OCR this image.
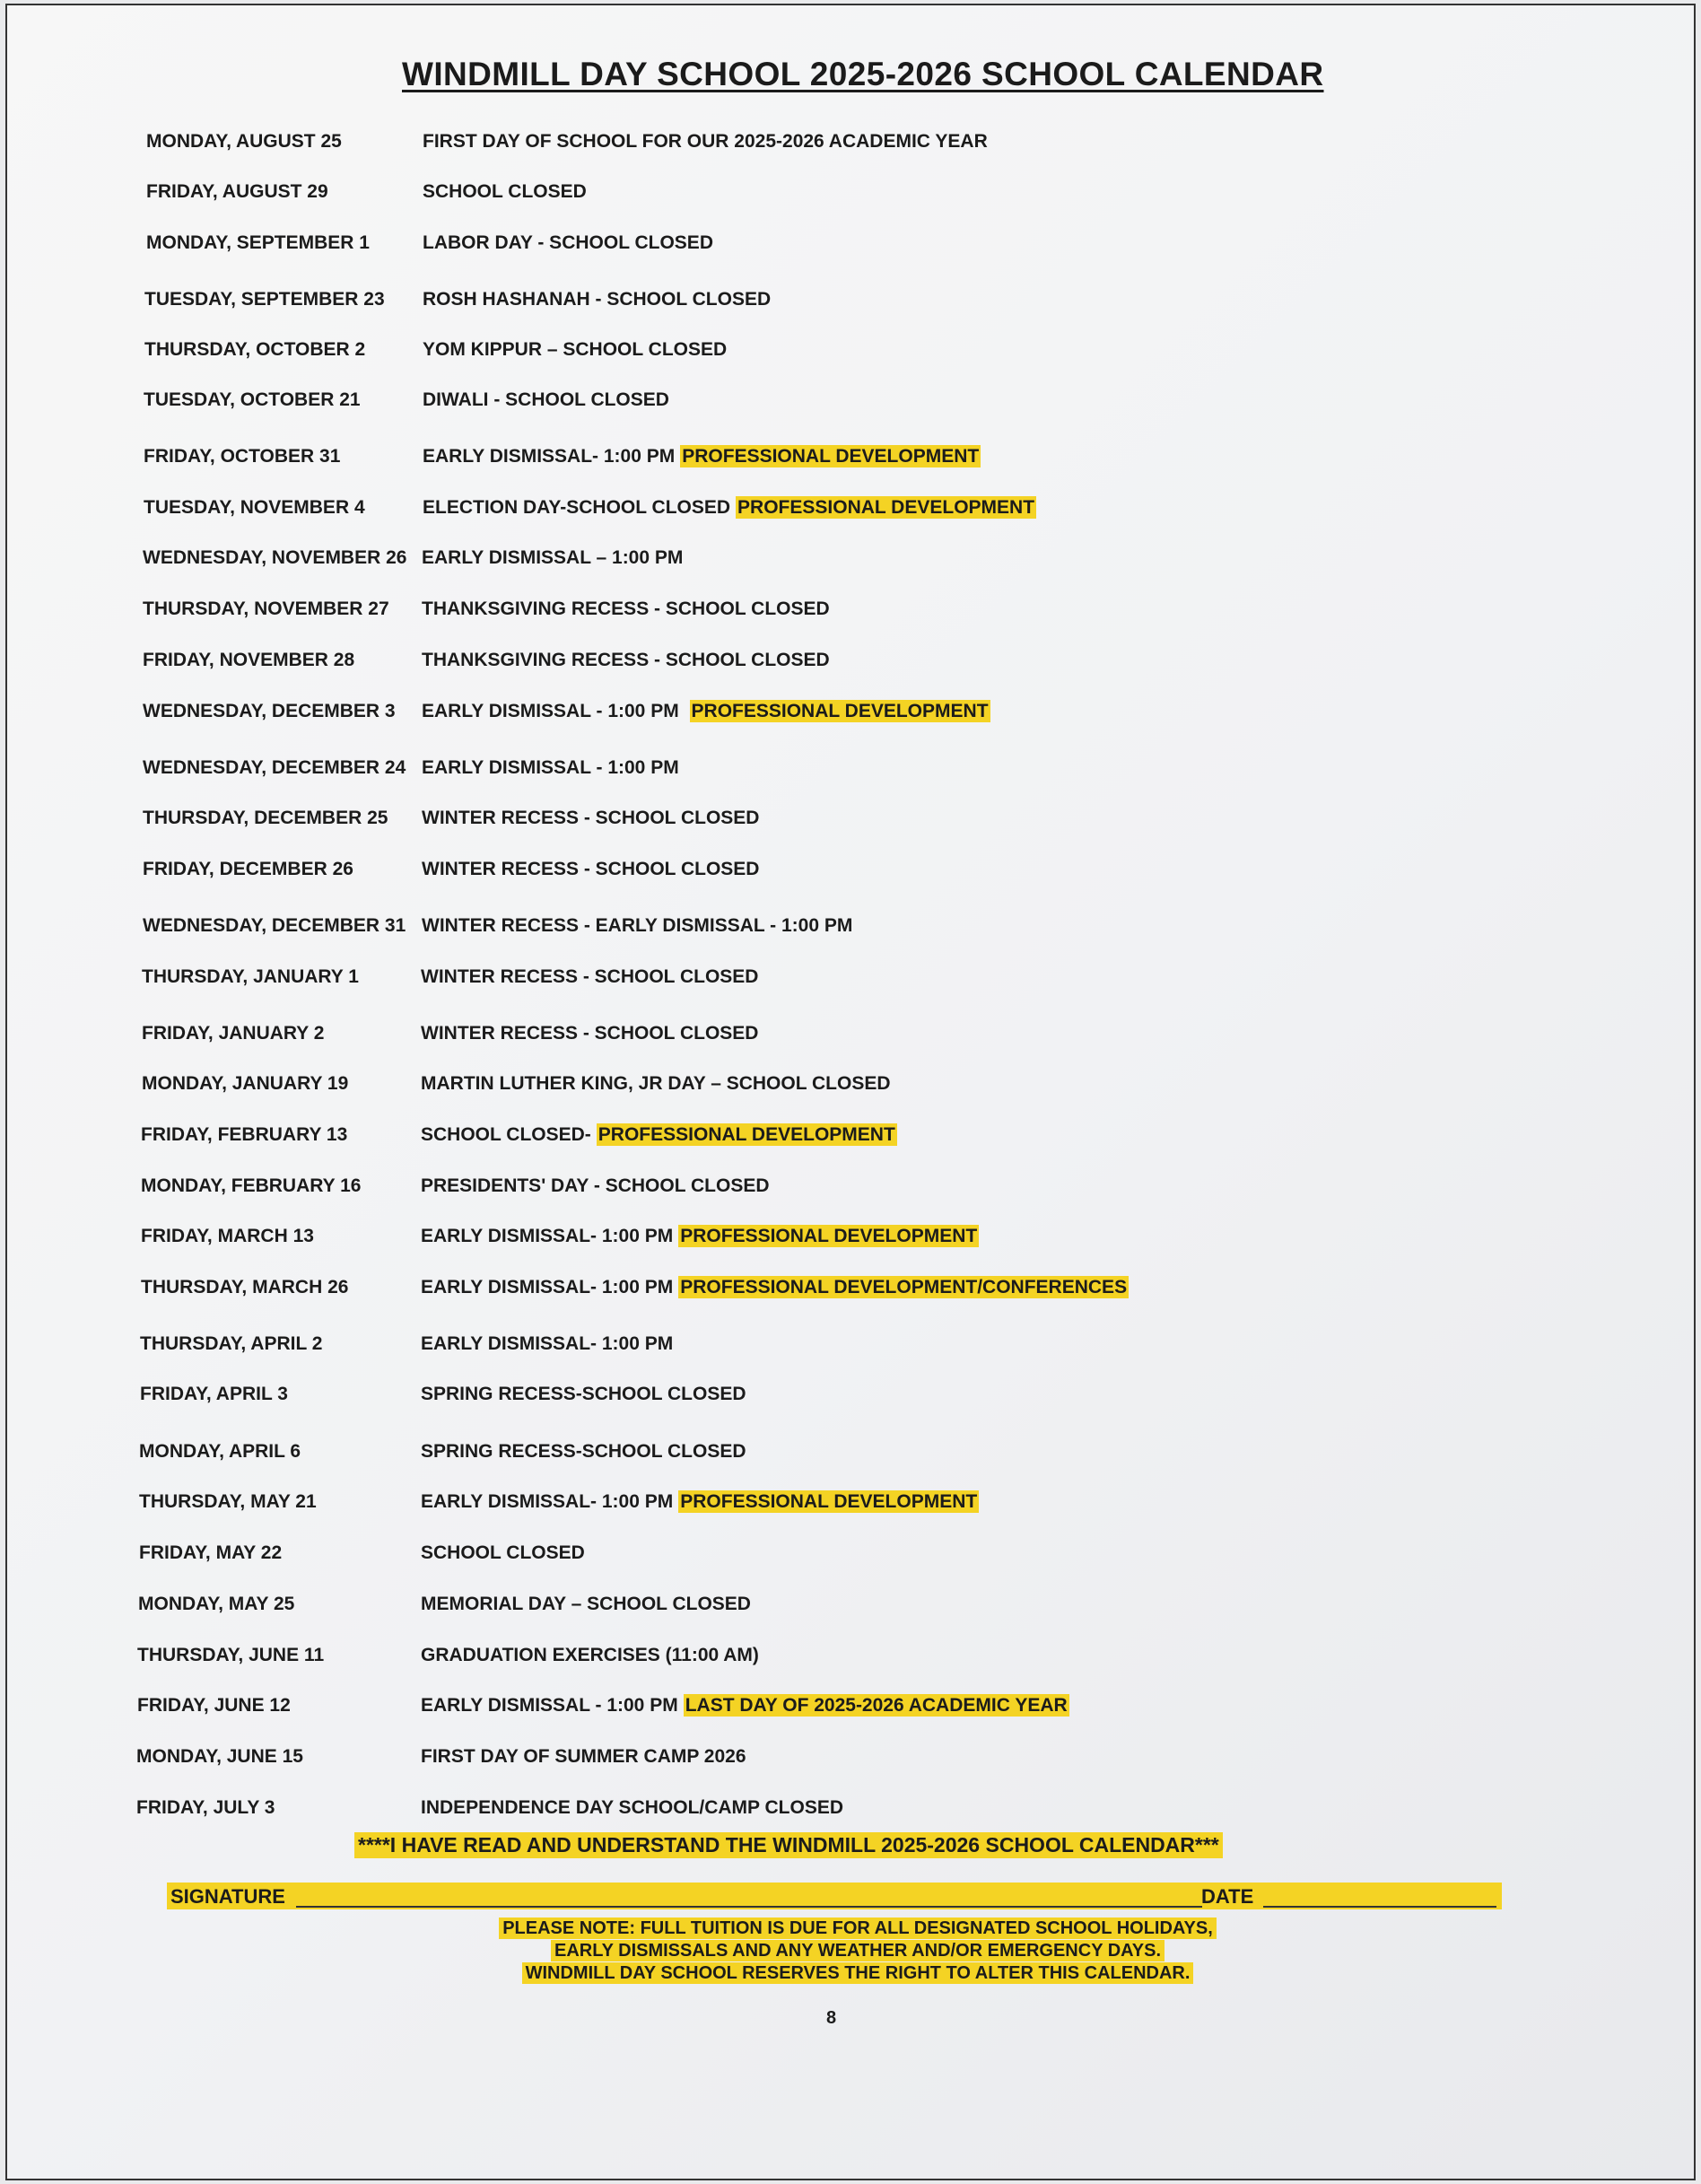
WINDMILL DAY SCHOOL 2025-2026 SCHOOL CALENDAR
MONDAY, AUGUST 25	FIRST DAY OF SCHOOL FOR OUR 2025-2026 ACADEMIC YEAR
FRIDAY, AUGUST 29	SCHOOL CLOSED
MONDAY, SEPTEMBER 1	LABOR DAY - SCHOOL CLOSED
TUESDAY, SEPTEMBER 23 ROSH HASHANAH - SCHOOL CLOSED
THURSDAY, OCTOBER 2	YOM KIPPUR – SCHOOL CLOSED
TUESDAY, OCTOBER 21	DIWALI - SCHOOL CLOSED
FRIDAY, OCTOBER 31	EARLY DISMISSAL- 1:00 PM PROFESSIONAL DEVELOPMENT
TUESDAY, NOVEMBER 4	ELECTION DAY-SCHOOL CLOSED PROFESSIONAL DEVELOPMENT
WEDNESDAY, NOVEMBER 26 EARLY DISMISSAL – 1:00 PM
THURSDAY, NOVEMBER 27 THANKSGIVING RECESS - SCHOOL CLOSED
FRIDAY, NOVEMBER 28	THANKSGIVING RECESS - SCHOOL CLOSED
WEDNESDAY, DECEMBER 3 EARLY DISMISSAL - 1:00 PM PROFESSIONAL DEVELOPMENT
WEDNESDAY, DECEMBER 24 EARLY DISMISSAL - 1:00 PM
THURSDAY, DECEMBER 25 WINTER RECESS - SCHOOL CLOSED
FRIDAY, DECEMBER 26	WINTER RECESS - SCHOOL CLOSED
WEDNESDAY, DECEMBER 31 WINTER RECESS - EARLY DISMISSAL - 1:00 PM
THURSDAY, JANUARY 1	WINTER RECESS - SCHOOL CLOSED
FRIDAY, JANUARY 2	WINTER RECESS - SCHOOL CLOSED
MONDAY, JANUARY 19	MARTIN LUTHER KING, JR DAY – SCHOOL CLOSED
FRIDAY, FEBRUARY 13	SCHOOL CLOSED- PROFESSIONAL DEVELOPMENT
MONDAY, FEBRUARY 16	PRESIDENTS' DAY - SCHOOL CLOSED
FRIDAY, MARCH 13	EARLY DISMISSAL- 1:00 PM PROFESSIONAL DEVELOPMENT
THURSDAY, MARCH 26	EARLY DISMISSAL- 1:00 PM PROFESSIONAL DEVELOPMENT/CONFERENCES
THURSDAY, APRIL 2	EARLY DISMISSAL- 1:00 PM
FRIDAY, APRIL 3	SPRING RECESS-SCHOOL CLOSED
MONDAY, APRIL 6	SPRING RECESS-SCHOOL CLOSED
THURSDAY, MAY 21	EARLY DISMISSAL- 1:00 PM PROFESSIONAL DEVELOPMENT
FRIDAY, MAY 22	SCHOOL CLOSED
MONDAY, MAY 25	MEMORIAL DAY – SCHOOL CLOSED
THURSDAY, JUNE 11	GRADUATION EXERCISES (11:00 AM)
FRIDAY, JUNE 12	EARLY DISMISSAL - 1:00 PM LAST DAY OF 2025-2026 ACADEMIC YEAR
MONDAY, JUNE 15	FIRST DAY OF SUMMER CAMP 2026
FRIDAY, JULY 3	INDEPENDENCE DAY SCHOOL/CAMP CLOSED
****I HAVE READ AND UNDERSTAND THE WINDMILL 2025-2026 SCHOOL CALENDAR***
SIGNATURE	DATE
PLEASE NOTE: FULL TUITION IS DUE FOR ALL DESIGNATED SCHOOL HOLIDAYS,
EARLY DISMISSALS AND ANY WEATHER AND/OR EMERGENCY DAYS.
WINDMILL DAY SCHOOL RESERVES THE RIGHT TO ALTER THIS CALENDAR.
8
